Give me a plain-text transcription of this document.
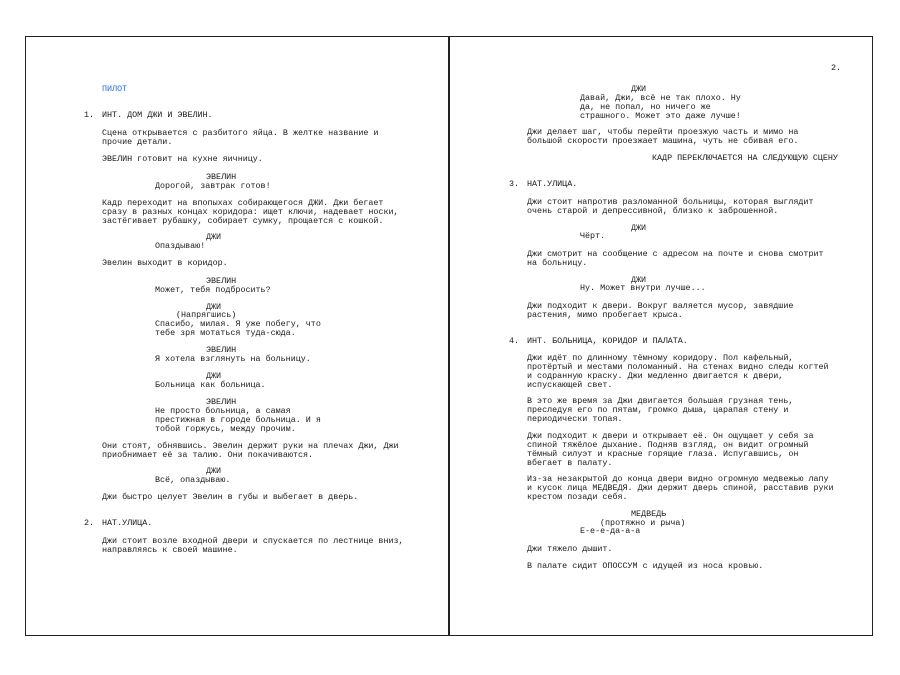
ПИЛОТ
1. ИНТ. ДОМ ДЖИ И ЭВЕЛИН.
Сцена открывается с разбитого яйца. В желтке название и
прочие детали.
ЭВЕЛИН готовит на кухне яичницу.
ЭВЕЛИН
Дорогой, завтрак готов!
Кадр переходит на впопыхах собирающегося ДЖИ. Джи бегает
сразу в разных концах коридора: ищет ключи, надевает носки,
застёгивает рубашку, собирает сумку, прощается с кошкой.
ДЖИ
Опаздываю!
Эвелин выходит в коридор.
ЭВЕЛИН
Может, тебя подбросить?
ДЖИ
(Напрягшись)
Спасибо, милая. Я уже побегу, что
тебе зря мотаться туда-сюда.
ЭВЕЛИН
Я хотела взглянуть на больницу.
ДЖИ
Больница как больница.
ЭВЕЛИН
Не просто больница, а самая
престижная в городе больница. И я
тобой горжусь, между прочим.
Они стоят, обнявшись. Эвелин держит руки на плечах Джи, Джи
приобнимает её за талию. Они покачиваются.
ДЖИ
Всё, опаздываю.
Джи быстро целует Эвелин в губы и выбегает в дверь.
2. НАТ.УЛИЦА.
Джи стоит возле входной двери и спускается по лестнице вниз,
направляясь к своей машине.
2.
ДЖИ
Давай, Джи, всё не так плохо. Ну
да, не попал, но ничего же
страшного. Может это даже лучше!
Джи делает шаг, чтобы перейти проезжую часть и мимо на
большой скорости проезжает машина, чуть не сбивая его.
КАДР ПЕРЕКЛЮЧАЕТСЯ НА СЛЕДУЮЩУЮ СЦЕНУ
3. НАТ.УЛИЦА.
Джи стоит напротив разломанной больницы, которая выглядит
очень старой и депрессивной, близко к заброшенной.
ДЖИ
Чёрт.
Джи смотрит на сообщение с адресом на почте и снова смотрит
на больницу.
ДЖИ
Ну. Может внутри лучше...
Джи подходит к двери. Вокруг валяется мусор, завядшие
растения, мимо пробегает крыса.
4. ИНТ. БОЛЬНИЦА, КОРИДОР И ПАЛАТА.
Джи идёт по длинному тёмному коридору. Пол кафельный,
протёртый и местами поломанный. На стенах видно следы когтей
и содранную краску. Джи медленно двигается к двери,
испускающей свет.
В это же время за Джи двигается большая грузная тень,
преследуя его по пятам, громко дыша, царапая стену и
периодически топая.
Джи подходит к двери и открывает её. Он ощущает у себя за
спиной тяжёлое дыхание. Подняв взгляд, он видит огромный
тёмный силуэт и красные горящие глаза. Испугавшись, он
вбегает в палату.
Из-за незакрытой до конца двери видно огромную медвежью лапу
и кусок лица МЕДВЕДЯ. Джи держит дверь спиной, расставив руки
крестом позади себя.
МЕДВЕДЬ
(протяжно и рыча)
Е-е-е-да-а-а
Джи тяжело дышит.
В палате сидит ОПОССУМ с идущей из носа кровью.
